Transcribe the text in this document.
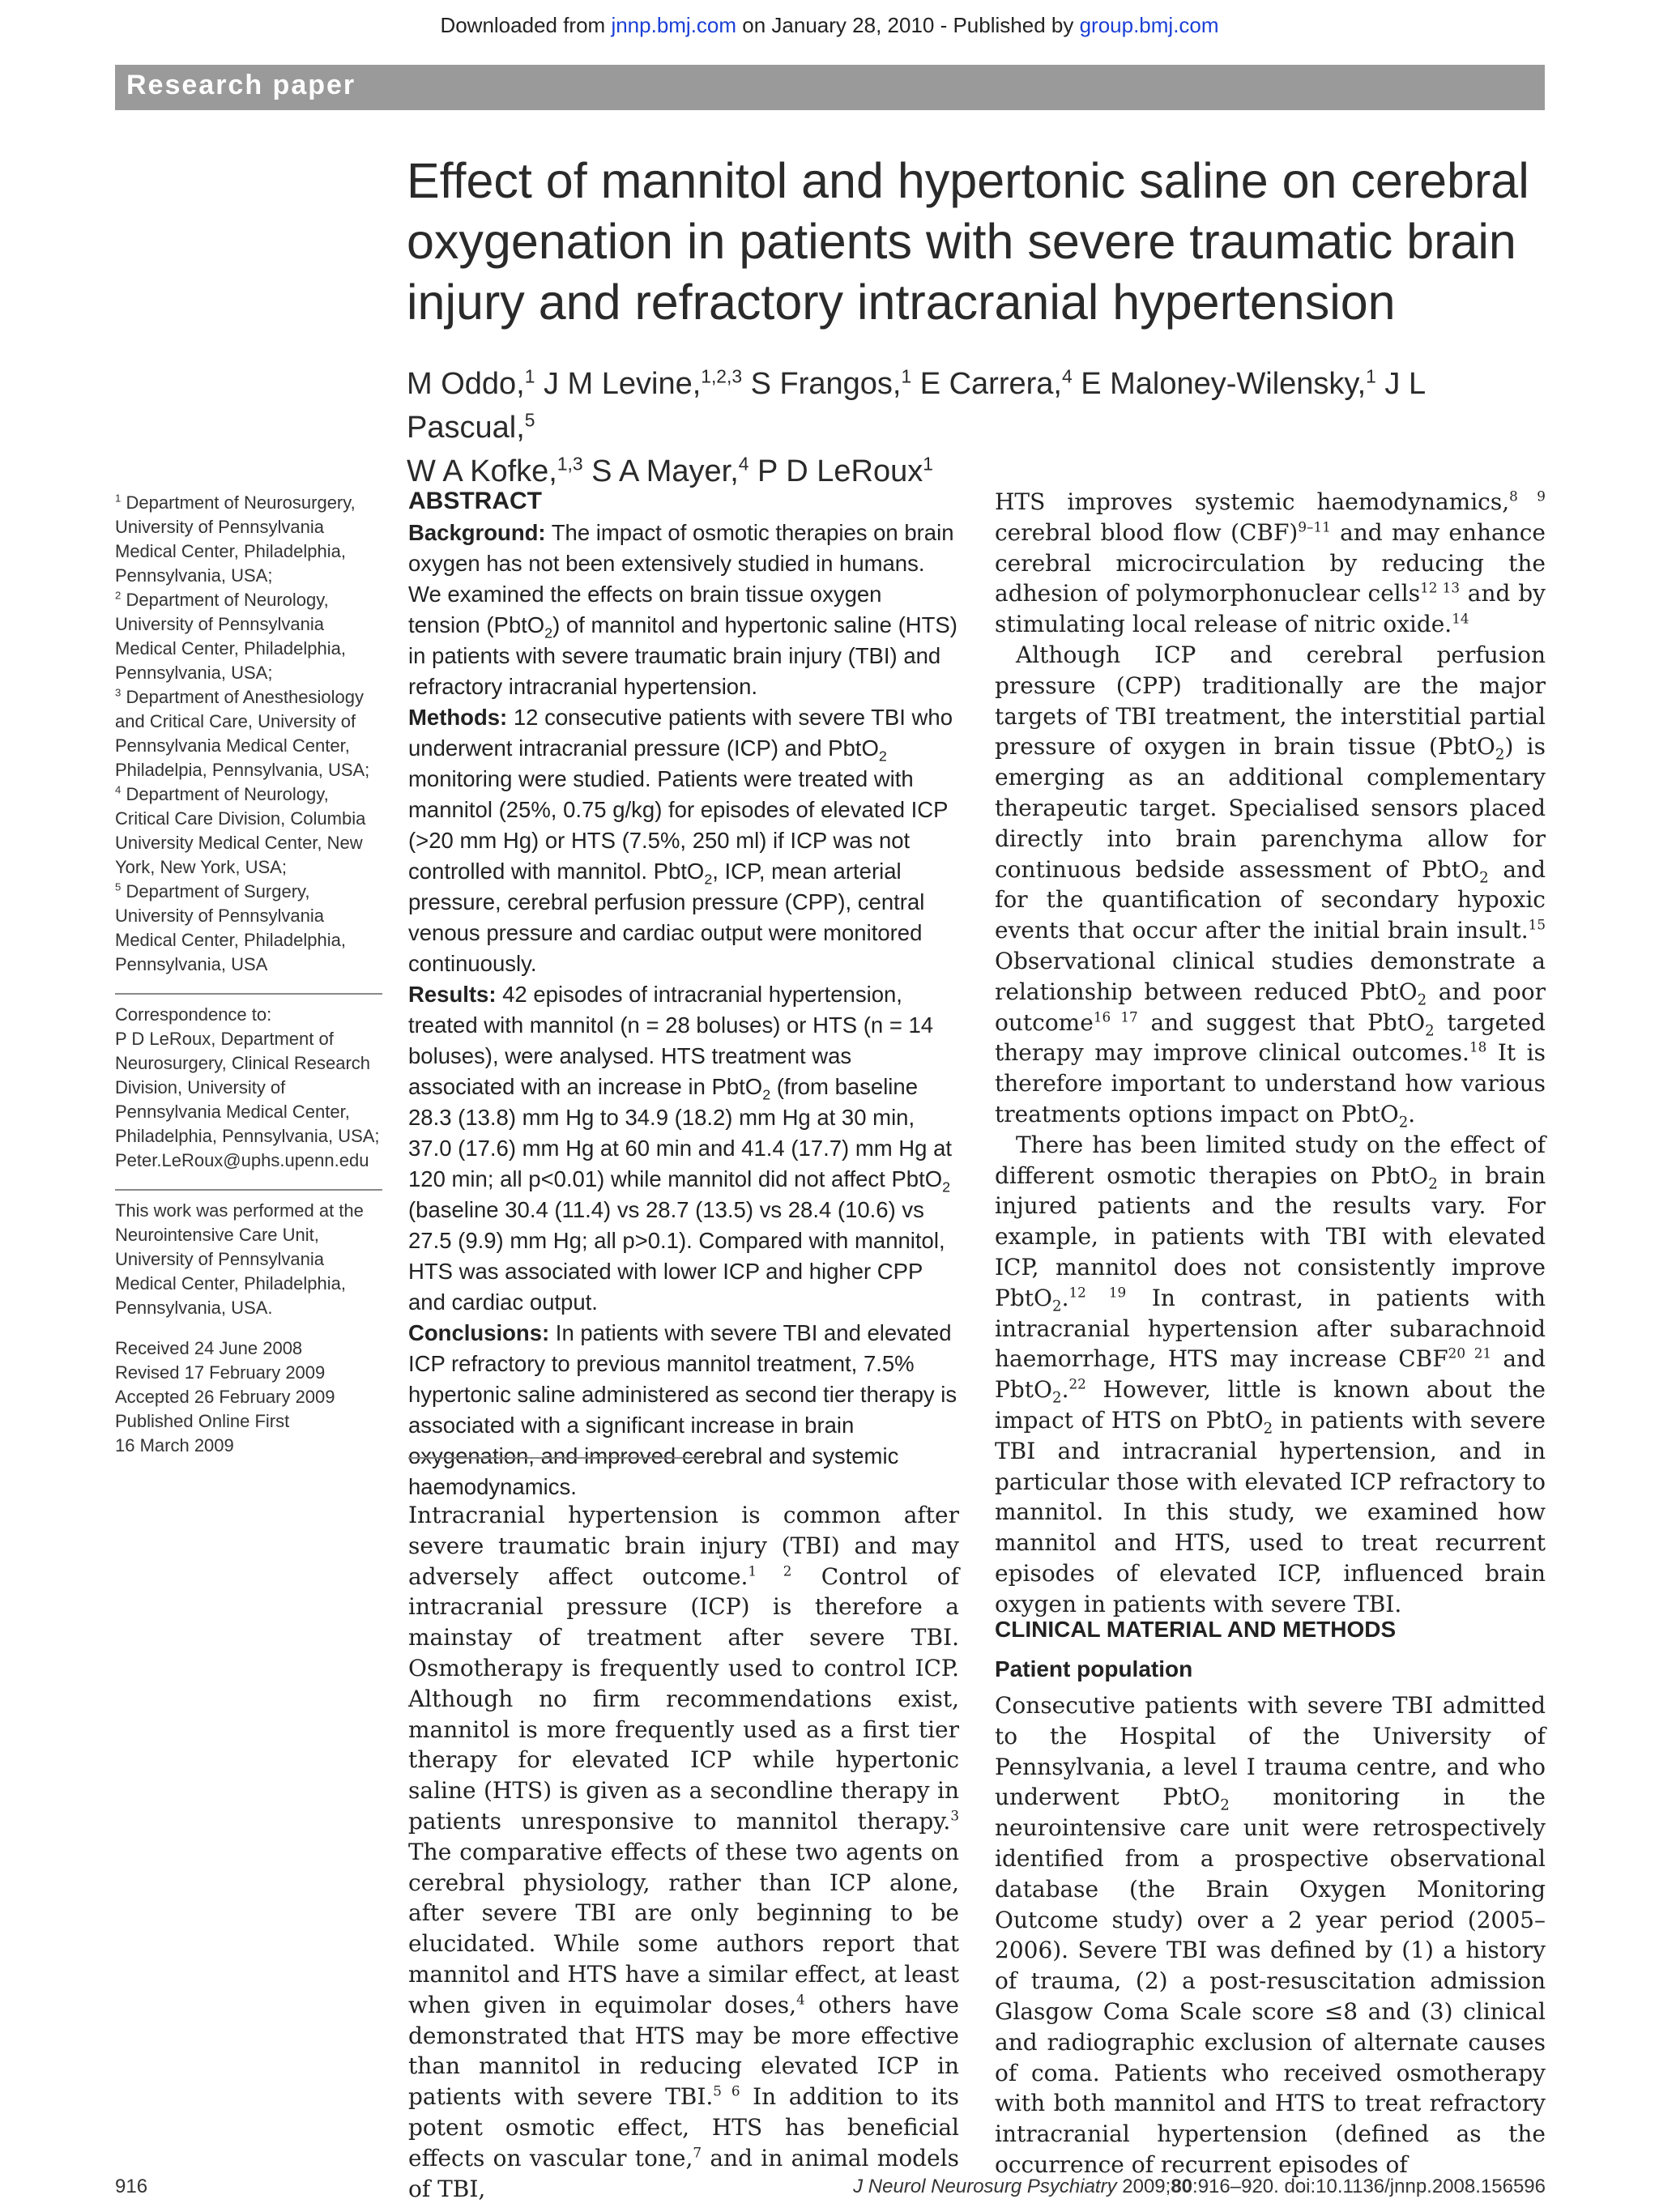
Downloaded from jnnp.bmj.com on January 28, 2010 - Published by group.bmj.com
Research paper
Effect of mannitol and hypertonic saline on cerebral oxygenation in patients with severe traumatic brain injury and refractory intracranial hypertension
M Oddo,$^1$ J M Levine,$^{1,2,3}$ S Frangos,$^1$ E Carrera,$^4$ E Maloney-Wilensky,$^1$ J L Pascual,$^5$
W A Kofke,$^{1,3}$ S A Mayer,$^4$ P D LeRoux$^1$
$^1$ Department of Neurosurgery, University of Pennsylvania Medical Center, Philadelphia, Pennsylvania, USA;
$^2$ Department of Neurology, University of Pennsylvania Medical Center, Philadelphia, Pennsylvania, USA;
$^3$ Department of Anesthesiology and Critical Care, University of Pennsylvania Medical Center, Philadelpia, Pennsylvania, USA;
$^4$ Department of Neurology, Critical Care Division, Columbia University Medical Center, New York, New York, USA;
$^5$ Department of Surgery, University of Pennsylvania Medical Center, Philadelphia, Pennsylvania, USA
Correspondence to:
P D LeRoux, Department of Neurosurgery, Clinical Research Division, University of Pennsylvania Medical Center, Philadelphia, Pennsylvania, USA;
Peter.LeRoux@uphs.upenn.edu
This work was performed at the Neurointensive Care Unit, University of Pennsylvania Medical Center, Philadelphia, Pennsylvania, USA.
Received 24 June 2008
Revised 17 February 2009
Accepted 26 February 2009
Published Online First
16 March 2009
ABSTRACT

Background: The impact of osmotic therapies on brain oxygen has not been extensively studied in humans. We examined the effects on brain tissue oxygen tension (PbtO$_2$) of mannitol and hypertonic saline (HTS) in patients with severe traumatic brain injury (TBI) and refractory intracranial hypertension.

Methods: 12 consecutive patients with severe TBI who underwent intracranial pressure (ICP) and PbtO$_2$ monitoring were studied. Patients were treated with mannitol (25%, 0.75 g/kg) for episodes of elevated ICP (>20 mm Hg) or HTS (7.5%, 250 ml) if ICP was not controlled with mannitol. PbtO$_2$, ICP, mean arterial pressure, cerebral perfusion pressure (CPP), central venous pressure and cardiac output were monitored continuously.

Results: 42 episodes of intracranial hypertension, treated with mannitol (n = 28 boluses) or HTS (n = 14 boluses), were analysed. HTS treatment was associated with an increase in PbtO$_2$ (from baseline 28.3 (13.8) mm Hg to 34.9 (18.2) mm Hg at 30 min, 37.0 (17.6) mm Hg at 60 min and 41.4 (17.7) mm Hg at 120 min; all p<0.01) while mannitol did not affect PbtO$_2$ (baseline 30.4 (11.4) vs 28.7 (13.5) vs 28.4 (10.6) vs 27.5 (9.9) mm Hg; all p>0.1). Compared with mannitol, HTS was associated with lower ICP and higher CPP and cardiac output.

Conclusions: In patients with severe TBI and elevated ICP refractory to previous mannitol treatment, 7.5% hypertonic saline administered as second tier therapy is associated with a significant increase in brain oxygenation, and improved cerebral and systemic haemodynamics.

Intracranial hypertension is common after severe traumatic brain injury (TBI) and may adversely affect outcome.$^{1 2}$ Control of intracranial pressure (ICP) is therefore a mainstay of treatment after severe TBI. Osmotherapy is frequently used to control ICP. Although no firm recommendations exist, mannitol is more frequently used as a first tier therapy for elevated ICP while hypertonic saline (HTS) is given as a secondline therapy in patients unresponsive to mannitol therapy.$^3$ The comparative effects of these two agents on cerebral physiology, rather than ICP alone, after severe TBI are only beginning to be elucidated. While some authors report that mannitol and HTS have a similar effect, at least when given in equimolar doses,$^4$ others have demonstrated that HTS may be more effective than mannitol in reducing elevated ICP in patients with severe TBI.$^{5 6}$ In addition to its potent osmotic effect, HTS has beneficial effects on vascular tone,$^7$ and in animal models of TBI,

HTS improves systemic haemodynamics,$^{8 9}$ cerebral blood flow (CBF)$^{9-11}$ and may enhance cerebral microcirculation by reducing the adhesion of polymorphonuclear cells$^{12 13}$ and by stimulating local release of nitric oxide.$^{14}$

Although ICP and cerebral perfusion pressure (CPP) traditionally are the major targets of TBI treatment, the interstitial partial pressure of oxygen in brain tissue (PbtO$_2$) is emerging as an additional complementary therapeutic target. Specialised sensors placed directly into brain parenchyma allow for continuous bedside assessment of PbtO$_2$ and for the quantification of secondary hypoxic events that occur after the initial brain insult.$^{15}$ Observational clinical studies demonstrate a relationship between reduced PbtO$_2$ and poor outcome$^{16 17}$ and suggest that PbtO$_2$ targeted therapy may improve clinical outcomes.$^{18}$ It is therefore important to understand how various treatments options impact on PbtO$_2$.

There has been limited study on the effect of different osmotic therapies on PbtO$_2$ in brain injured patients and the results vary. For example, in patients with TBI with elevated ICP, mannitol does not consistently improve PbtO$_2$.$^{12 19}$ In contrast, in patients with intracranial hypertension after subarachnoid haemorrhage, HTS may increase $CBF^{20 21}$ and PbtO$_2$.$^{22}$ However, little is known about the impact of HTS on PbtO$_2$ in patients with severe TBI and intracranial hypertension, and in particular those with elevated ICP refractory to mannitol. In this study, we examined how mannitol and HTS, used to treat recurrent episodes of elevated ICP, influenced brain oxygen in patients with severe TBI.

CLINICAL MATERIAL AND METHODS
Patient population
Consecutive patients with severe TBI admitted to the Hospital of the University of Pennsylvania, a level I trauma centre, and who underwent PbtO$_2$ monitoring in the neurointensive care unit were retrospectively identified from a prospective observational database (the Brain Oxygen Monitoring Outcome study) over a 2 year period (2005–2006). Severe TBI was defined by (1) a history of trauma, (2) a post-resuscitation admission Glasgow Coma Scale score ≤8 and (3) clinical and radiographic exclusion of alternate causes of coma. Patients who received osmotherapy with both mannitol and HTS to treat refractory intracranial hypertension (defined as the occurrence of recurrent episodes of
916	J Neurol Neurosurg Psychiatry 2009;80:916–920. doi:10.1136/jnnp.2008.156596
